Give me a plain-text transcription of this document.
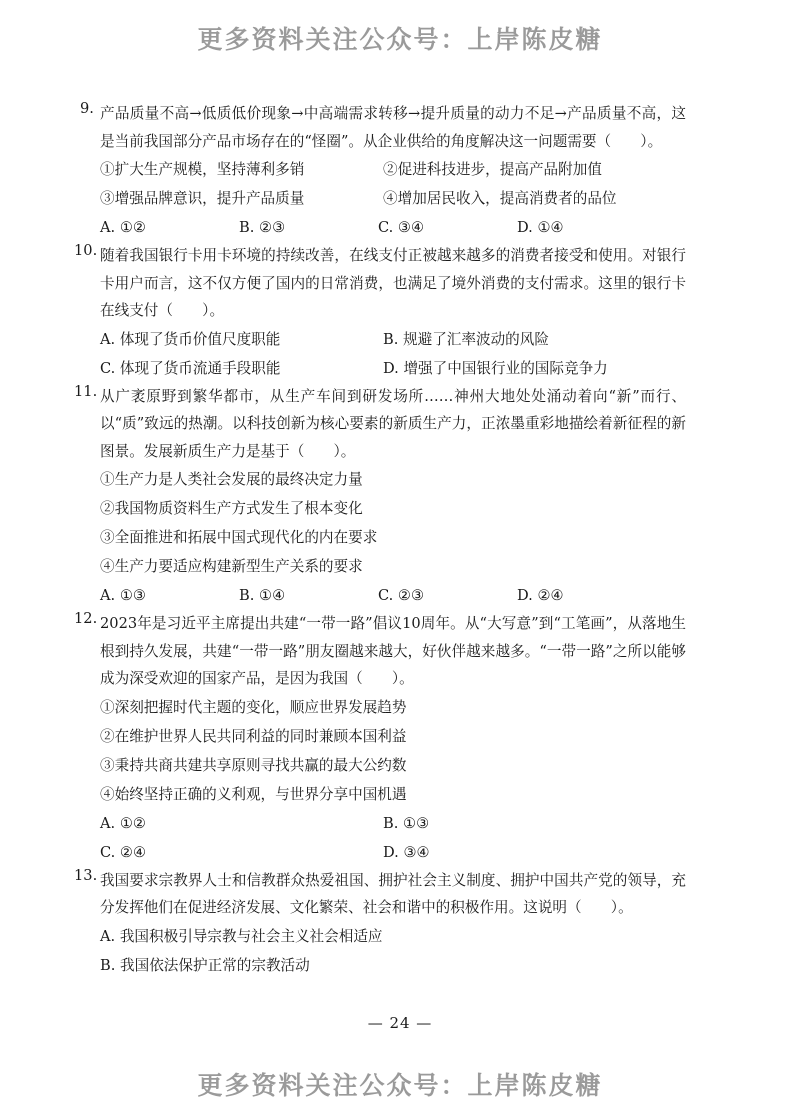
更多资料关注公众号：上岸陈皮糖
9. 产品质量不高→低质低价现象→中高端需求转移→提升质量的动力不足→产品质量不高，这是当前我国部分产品市场存在的“怪圈”。从企业供给的角度解决这一问题需要（　　）。
①扩大生产规模，坚持薄利多销	②促进科技进步，提高产品附加值
③增强品牌意识，提升产品质量	④增加居民收入，提高消费者的品位
A. ①②	B. ②③	C. ③④	D. ①④
10. 随着我国银行卡用卡环境的持续改善，在线支付正被越来越多的消费者接受和使用。对银行卡用户而言，这不仅方便了国内的日常消费，也满足了境外消费的支付需求。这里的银行卡在线支付（　　）。
A. 体现了货币价值尺度职能	B. 规避了汇率波动的风险
C. 体现了货币流通手段职能	D. 增强了中国银行业的国际竞争力
11. 从广袤原野到繁华都市，从生产车间到研发场所……神州大地处处涌动着向“新”而行、以“质”致远的热潮。以科技创新为核心要素的新质生产力，正浓墨重彩地描绘着新征程的新图景。发展新质生产力是基于（　　）。
①生产力是人类社会发展的最终决定力量
②我国物质资料生产方式发生了根本变化
③全面推进和拓展中国式现代化的内在要求
④生产力要适应构建新型生产关系的要求
A. ①③	B. ①④	C. ②③	D. ②④
12. 2023年是习近平主席提出共建“一带一路”倡议10周年。从“大写意”到“工笔画”，从落地生根到持久发展，共建“一带一路”朋友圈越来越大，好伙伴越来越多。“一带一路”之所以能够成为深受欢迎的国家产品，是因为我国（　　）。
①深刻把握时代主题的变化，顺应世界发展趋势
②在维护世界人民共同利益的同时兼顾本国利益
③秉持共商共建共享原则寻找共赢的最大公约数
④始终坚持正确的义利观，与世界分享中国机遇
A. ①②	B. ①③
C. ②④	D. ③④
13. 我国要求宗教界人士和信教群众热爱祖国、拥护社会主义制度、拥护中国共产党的领导，充分发挥他们在促进经济发展、文化繁荣、社会和谐中的积极作用。这说明（　　）。
A. 我国积极引导宗教与社会主义社会相适应
B. 我国依法保护正常的宗教活动
— 24 —
更多资料关注公众号：上岸陈皮糖
